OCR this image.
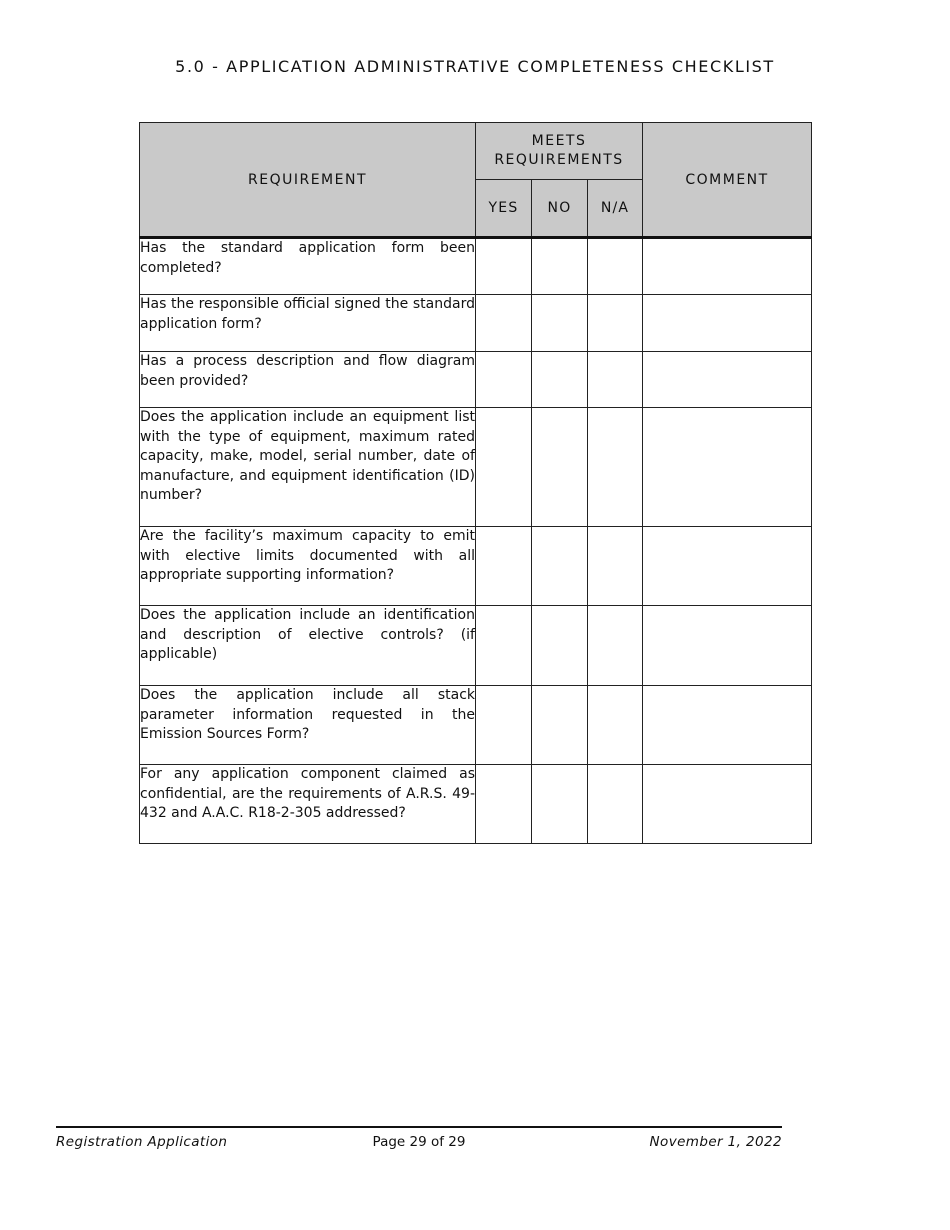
5.0 - APPLICATION ADMINISTRATIVE COMPLETENESS CHECKLIST
REQUIREMENT	MEETS REQUIREMENTS			COMMENT
	YES	NO	N/A	
Has the standard application form been completed?				
Has the responsible official signed the standard application form?				
Has a process description and flow diagram been provided?				
Does the application include an equipment list with the type of equipment, maximum rated capacity, make, model, serial number, date of manufacture, and equipment identification (ID) number?				
Are the facility’s maximum capacity to emit with elective limits documented with all appropriate supporting information?				
Does the application include an identification and description of elective controls? (if applicable)				
Does the application include all stack parameter information requested in the Emission Sources Form?				
For any application component claimed as confidential, are the requirements of A.R.S. 49-432 and A.A.C. R18-2-305 addressed?				
Registration Application	Page 29 of 29	November 1, 2022
